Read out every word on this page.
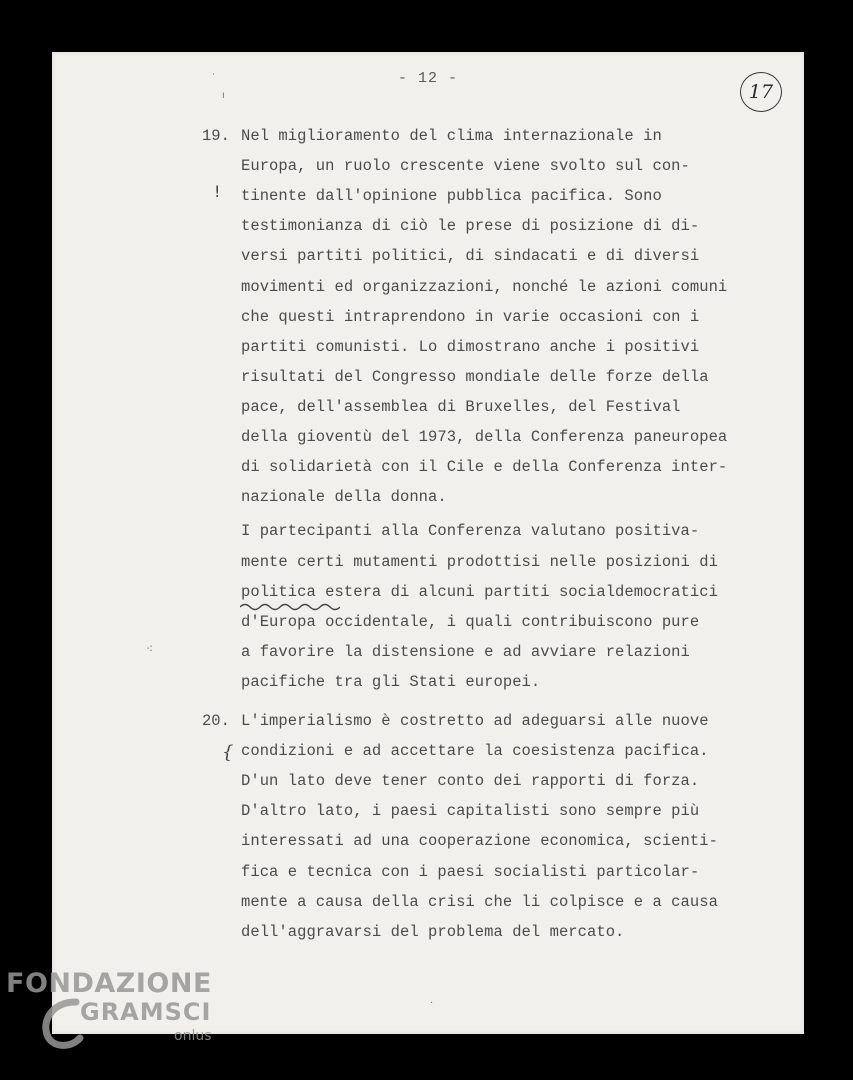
- 12 -
17
·
ı
⁖
·
19.
!
Nel miglioramento del clima internazionale in
Europa, un ruolo crescente viene svolto sul con-
tinente dall'opinione pubblica pacifica. Sono
testimonianza di ciò le prese di posizione di di-
versi partiti politici, di sindacati e di diversi
movimenti ed organizzazioni, nonché le azioni comuni
che questi intraprendono in varie occasioni con i
partiti comunisti. Lo dimostrano anche i positivi
risultati del Congresso mondiale delle forze della
pace, dell'assemblea di Bruxelles, del Festival
della gioventù del 1973, della Conferenza paneuropea
di solidarietà con il Cile e della Conferenza inter-
nazionale della donna.
I partecipanti alla Conferenza valutano positiva-
mente certi mutamenti prodottisi nelle posizioni di
politica estera di alcuni partiti socialdemocratici
d'Europa occidentale, i quali contribuiscono pure
a favorire la distensione e ad avviare relazioni
pacifiche tra gli Stati europei.
20.
{
L'imperialismo è costretto ad adeguarsi alle nuove
condizioni e ad accettare la coesistenza pacifica.
D'un lato deve tener conto dei rapporti di forza.
D'altro lato, i paesi capitalisti sono sempre più
interessati ad una cooperazione economica, scienti-
fica e tecnica con i paesi socialisti particolar-
mente a causa della crisi che li colpisce e a causa
dell'aggravarsi del problema del mercato.
FONDAZIONE
GRAMSCI
onlus
